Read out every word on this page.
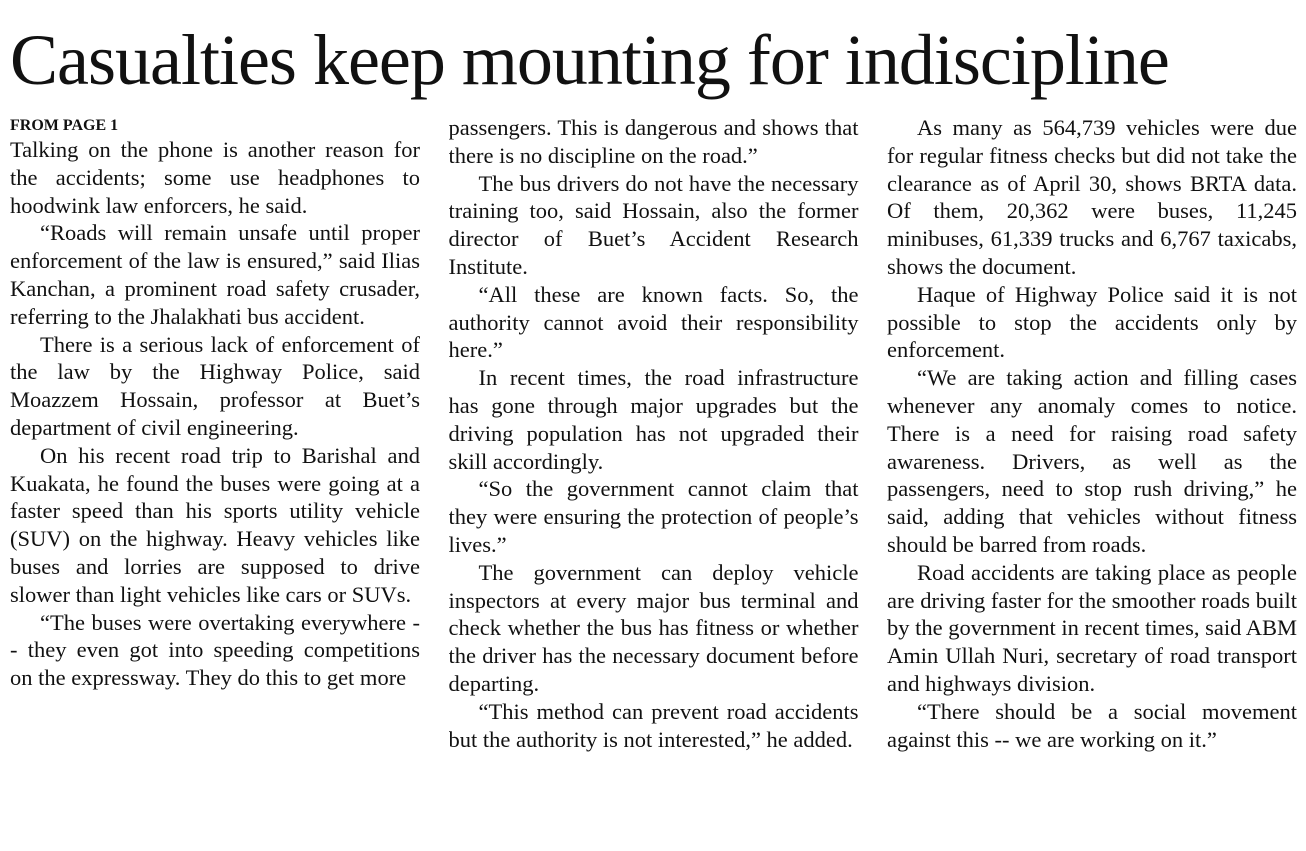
Casualties keep mounting for indiscipline
FROM PAGE 1

Talking on the phone is another reason for the accidents; some use headphones to hoodwink law enforcers, he said.

“Roads will remain unsafe until proper enforcement of the law is ensured,” said Ilias Kanchan, a prominent road safety crusader, referring to the Jhalakhati bus accident.

There is a serious lack of enforcement of the law by the Highway Police, said Moazzem Hossain, professor at Buet’s department of civil engineering.

On his recent road trip to Barishal and Kuakata, he found the buses were going at a faster speed than his sports utility vehicle (SUV) on the highway. Heavy vehicles like buses and lorries are supposed to drive slower than light vehicles like cars or SUVs.

“The buses were overtaking everywhere -- they even got into speeding competitions on the expressway. They do this to get more

passengers. This is dangerous and shows that there is no discipline on the road.”

The bus drivers do not have the necessary training too, said Hossain, also the former director of Buet’s Accident Research Institute.

“All these are known facts. So, the authority cannot avoid their responsibility here.”

In recent times, the road infrastructure has gone through major upgrades but the driving population has not upgraded their skill accordingly.

“So the government cannot claim that they were ensuring the protection of people’s lives.”

The government can deploy vehicle inspectors at every major bus terminal and check whether the bus has fitness or whether the driver has the necessary document before departing.

“This method can prevent road accidents but the authority is not interested,” he added.

As many as 564,739 vehicles were due for regular fitness checks but did not take the clearance as of April 30, shows BRTA data. Of them, 20,362 were buses, 11,245 minibuses, 61,339 trucks and 6,767 taxicabs, shows the document.

Haque of Highway Police said it is not possible to stop the accidents only by enforcement.

“We are taking action and filling cases whenever any anomaly comes to notice. There is a need for raising road safety awareness. Drivers, as well as the passengers, need to stop rush driving,” he said, adding that vehicles without fitness should be barred from roads.

Road accidents are taking place as people are driving faster for the smoother roads built by the government in recent times, said ABM Amin Ullah Nuri, secretary of road transport and highways division.

“There should be a social movement against this -- we are working on it.”
